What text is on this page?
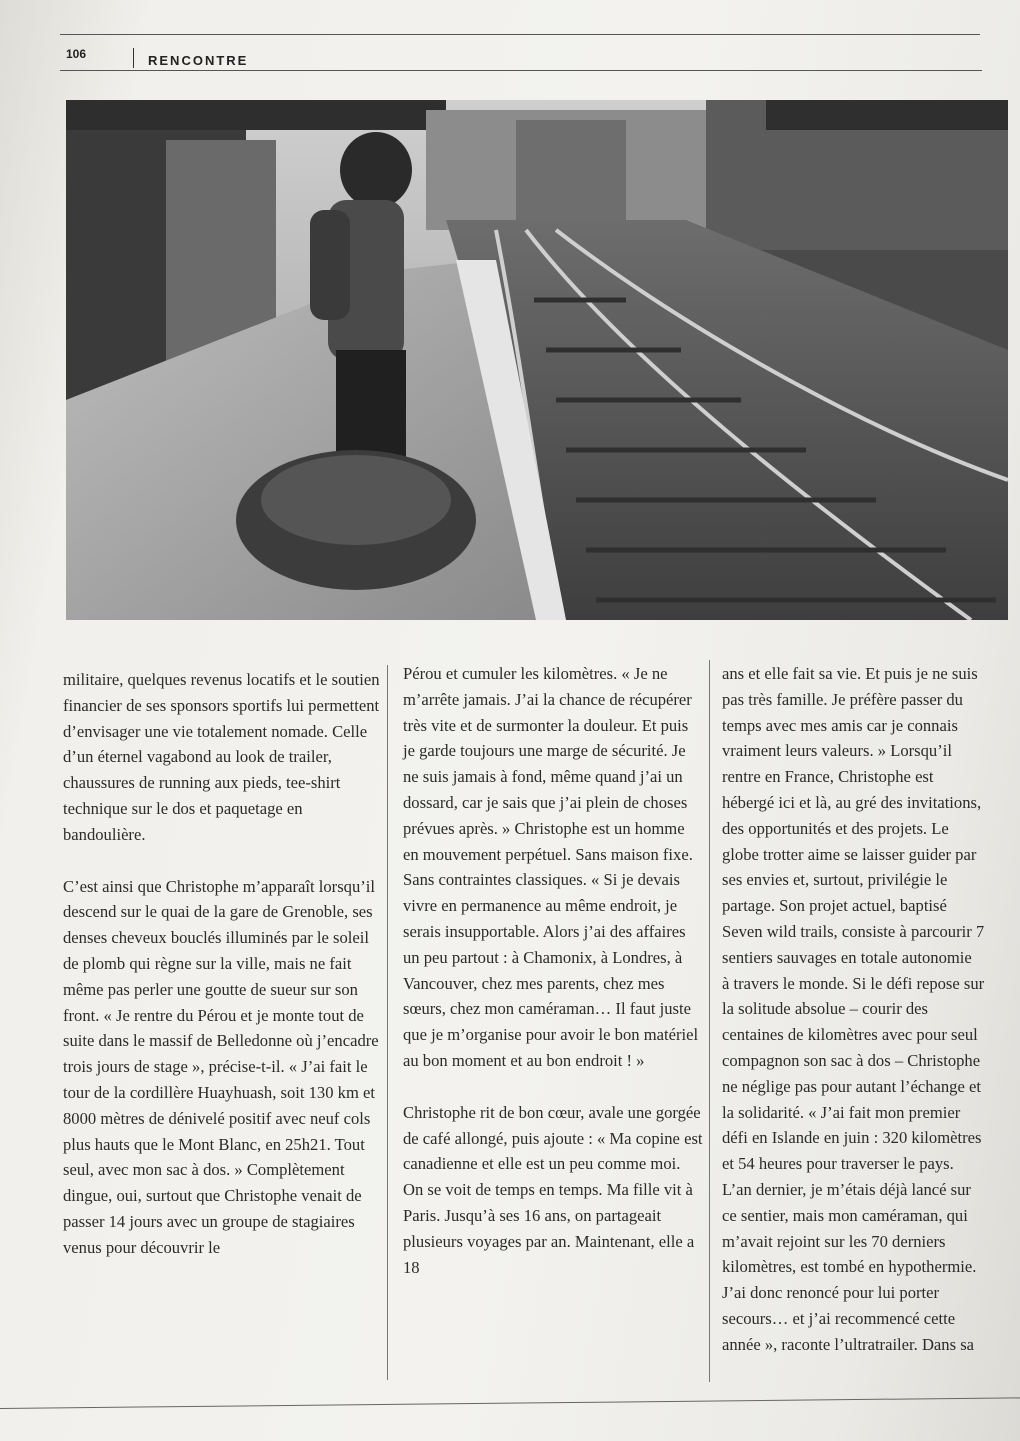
106	RENCONTRE

militaire, quelques revenus locatifs et le soutien financier de ses sponsors sportifs lui permettent d’envisager une vie totalement nomade. Celle d’un éternel vagabond au look de trailer, chaussures de running aux pieds, tee-shirt technique sur le dos et paquetage en bandoulière.

C’est ainsi que Christophe m’apparaît lorsqu’il descend sur le quai de la gare de Grenoble, ses denses cheveux bouclés illuminés par le soleil de plomb qui règne sur la ville, mais ne fait même pas perler une goutte de sueur sur son front. « Je rentre du Pérou et je monte tout de suite dans le massif de Belledonne où j’encadre trois jours de stage », précise-t-il. « J’ai fait le tour de la cordillère Huayhuash, soit 130 km et 8000 mètres de dénivelé positif avec neuf cols plus hauts que le Mont Blanc, en 25h21. Tout seul, avec mon sac à dos. » Complètement dingue, oui, surtout que Christophe venait de passer 14 jours avec un groupe de stagiaires venus pour découvrir le

Pérou et cumuler les kilomètres. « Je ne m’arrête jamais. J’ai la chance de récupérer très vite et de surmonter la douleur. Et puis je garde toujours une marge de sécurité. Je ne suis jamais à fond, même quand j’ai un dossard, car je sais que j’ai plein de choses prévues après. » Christophe est un homme en mouvement perpétuel. Sans maison fixe. Sans contraintes classiques. « Si je devais vivre en permanence au même endroit, je serais insupportable. Alors j’ai des affaires un peu partout : à Chamonix, à Londres, à Vancouver, chez mes parents, chez mes sœurs, chez mon caméraman… Il faut juste que je m’organise pour avoir le bon matériel au bon moment et au bon endroit ! »

Christophe rit de bon cœur, avale une gorgée de café allongé, puis ajoute : « Ma copine est canadienne et elle est un peu comme moi. On se voit de temps en temps. Ma fille vit à Paris. Jusqu’à ses 16 ans, on partageait plusieurs voyages par an. Maintenant, elle a 18

ans et elle fait sa vie. Et puis je ne suis
pas très famille. Je préfère passer du
temps avec mes amis car je connais
vraiment leurs valeurs. » Lorsqu’il
rentre en France, Christophe est
hébergé ici et là, au gré des invitations,
des opportunités et des projets. Le
globe trotter aime se laisser guider par
ses envies et, surtout, privilégie le
partage. Son projet actuel, baptisé
Seven wild trails, consiste à parcourir 7
sentiers sauvages en totale autonomie
à travers le monde. Si le défi repose sur
la solitude absolue – courir des
centaines de kilomètres avec pour seul
compagnon son sac à dos – Christophe
ne néglige pas pour autant l’échange et
la solidarité. « J’ai fait mon premier
défi en Islande en juin : 320 kilomètres
et 54 heures pour traverser le pays.
L’an dernier, je m’étais déjà lancé sur
ce sentier, mais mon caméraman, qui
m’avait rejoint sur les 70 derniers
kilomètres, est tombé en hypothermie.
J’ai donc renoncé pour lui porter
secours… et j’ai recommencé cette
année », raconte l’ultratrailer. Dans sa
